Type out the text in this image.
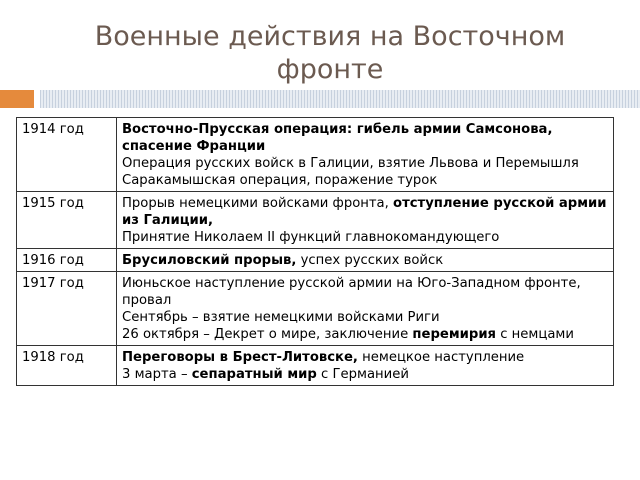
Военные действия на Восточном фронте
1914 год	Восточно-Прусская операция: гибель армии Самсонова, спасение Франции
Операция русских войск в Галиции, взятие Львова и Перемышля
Саракамышская операция, поражение турок

1915 год	Прорыв немецкими войсками фронта, отступление русской армии из Галиции,
Принятие Николаем II функций главнокомандующего

1916 год	Брусиловский прорыв, успех русских войск

1917 год	Июньское наступление русской армии на Юго-Западном фронте, провал
Сентябрь – взятие немецкими войсками Риги
26 октября – Декрет о мире, заключение перемирия с немцами

1918 год	Переговоры в Брест-Литовске, немецкое наступление
3 марта – сепаратный мир с Германией
